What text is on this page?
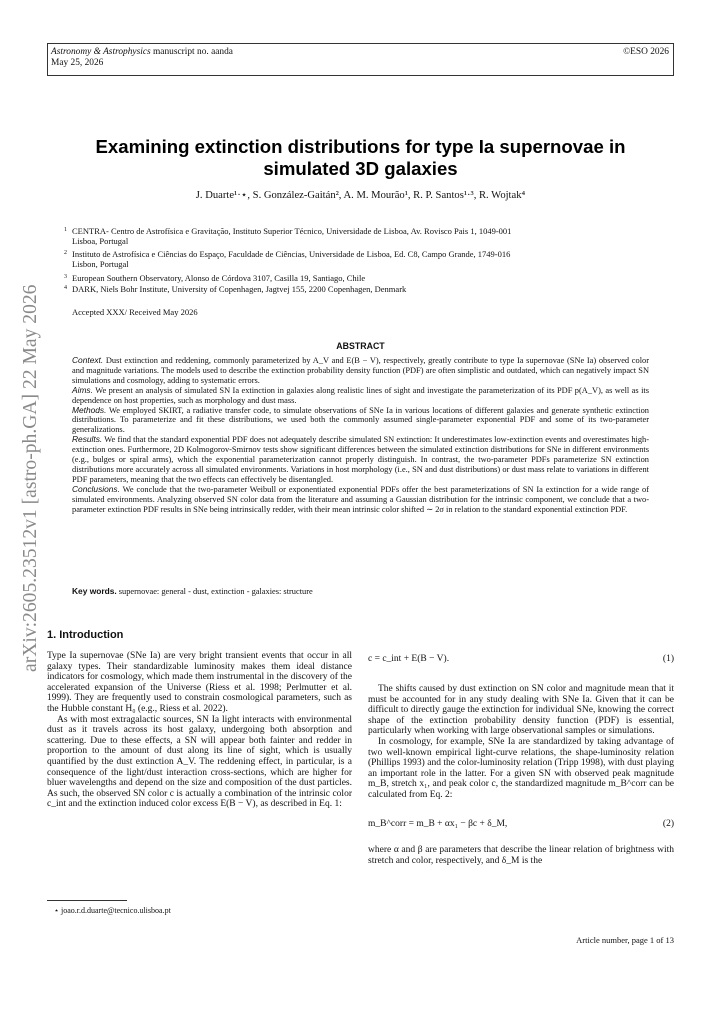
Astronomy & Astrophysics manuscript no. aanda
May 25, 2026
©ESO 2026
arXiv:2605.23512v1 [astro-ph.GA] 22 May 2026
Examining extinction distributions for type Ia supernovae in
simulated 3D galaxies
J. Duarte¹·⋆, S. González-Gaitán², A. M. Mourão¹, R. P. Santos¹·³, R. Wojtak⁴
1 CENTRA- Centro de Astrofísica e Gravitação, Instituto Superior Técnico, Universidade de Lisboa, Av. Rovisco Pais 1, 1049-001
Lisboa, Portugal
2 Instituto de Astrofísica e Ciências do Espaço, Faculdade de Ciências, Universidade de Lisboa, Ed. C8, Campo Grande, 1749-016
Lisbon, Portugal
3 European Southern Observatory, Alonso de Córdova 3107, Casilla 19, Santiago, Chile
4 DARK, Niels Bohr Institute, University of Copenhagen, Jagtvej 155, 2200 Copenhagen, Denmark
Accepted XXX/ Received May 2026
ABSTRACT

Context. Dust extinction and reddening, commonly parameterized by A_V and E(B − V), respectively, greatly contribute to type Ia supernovae (SNe Ia) observed color and magnitude variations. The models used to describe the extinction probability density function (PDF) are often simplistic and outdated, which can negatively impact SN simulations and cosmology, adding to systematic errors.

Aims. We present an analysis of simulated SN Ia extinction in galaxies along realistic lines of sight and investigate the parameterization of its PDF p(A_V), as well as its dependence on host properties, such as morphology and dust mass.

Methods. We employed SKIRT, a radiative transfer code, to simulate observations of SNe Ia in various locations of different galaxies and generate synthetic extinction distributions. To parameterize and fit these distributions, we used both the commonly assumed single-parameter exponential PDF and some of its two-parameter generalizations.

Results. We find that the standard exponential PDF does not adequately describe simulated SN extinction: It underestimates low-extinction events and overestimates high-extinction ones. Furthermore, 2D Kolmogorov-Smirnov tests show significant differences between the simulated extinction distributions for SNe in different environments (e.g., bulges or spiral arms), which the exponential parameterization cannot properly distinguish. In contrast, the two-parameter PDFs parameterize SN extinction distributions more accurately across all simulated environments. Variations in host morphology (i.e., SN and dust distributions) or dust mass relate to variations in different PDF parameters, meaning that the two effects can effectively be disentangled.

Conclusions. We conclude that the two-parameter Weibull or exponentiated exponential PDFs offer the best parameterizations of SN Ia extinction for a wide range of simulated environments. Analyzing observed SN color data from the literature and assuming a Gaussian distribution for the intrinsic component, we conclude that a two-parameter extinction PDF results in SNe being intrinsically redder, with their mean intrinsic color shifted ∼ 2σ in relation to the standard exponential extinction PDF.

Key words. supernovae: general - dust, extinction - galaxies: structure
1. Introduction

Type Ia supernovae (SNe Ia) are very bright transient events that occur in all galaxy types. Their standardizable luminosity makes them ideal distance indicators for cosmology, which made them instrumental in the discovery of the accelerated expansion of the Universe (Riess et al. 1998; Perlmutter et al. 1999). They are frequently used to constrain cosmological parameters, such as the Hubble constant H₀ (e.g., Riess et al. 2022).

As with most extragalactic sources, SN Ia light interacts with environmental dust as it travels across its host galaxy, undergoing both absorption and scattering. Due to these effects, a SN will appear both fainter and redder in proportion to the amount of dust along its line of sight, which is usually quantified by the dust extinction A_V. The reddening effect, in particular, is a consequence of the light/dust interaction cross-sections, which are higher for bluer wavelengths and depend on the size and composition of the dust particles. As such, the observed SN color c is actually a combination of the intrinsic color c_int and the extinction induced color excess E(B − V), as described in Eq. 1:

c = c_int + E(B − V).	(1)

The shifts caused by dust extinction on SN color and magnitude mean that it must be accounted for in any study dealing with SNe Ia. Given that it can be difficult to directly gauge the extinction for individual SNe, knowing the correct shape of the extinction probability density function (PDF) is essential, particularly when working with large observational samples or simulations.

In cosmology, for example, SNe Ia are standardized by taking advantage of two well-known empirical light-curve relations, the shape-luminosity relation (Phillips 1993) and the color-luminosity relation (Tripp 1998), with dust playing an important role in the latter. For a given SN with observed peak magnitude m_B, stretch x₁, and peak color c, the standardized magnitude m_B^corr can be calculated from Eq. 2:

m_B^corr = m_B + αx₁ − βc + δ_M,	(2)

where α and β are parameters that describe the linear relation of brightness with stretch and color, respectively, and δ_M is the

⋆ joao.r.d.duarte@tecnico.ulisboa.pt
Article number, page 1 of 13
